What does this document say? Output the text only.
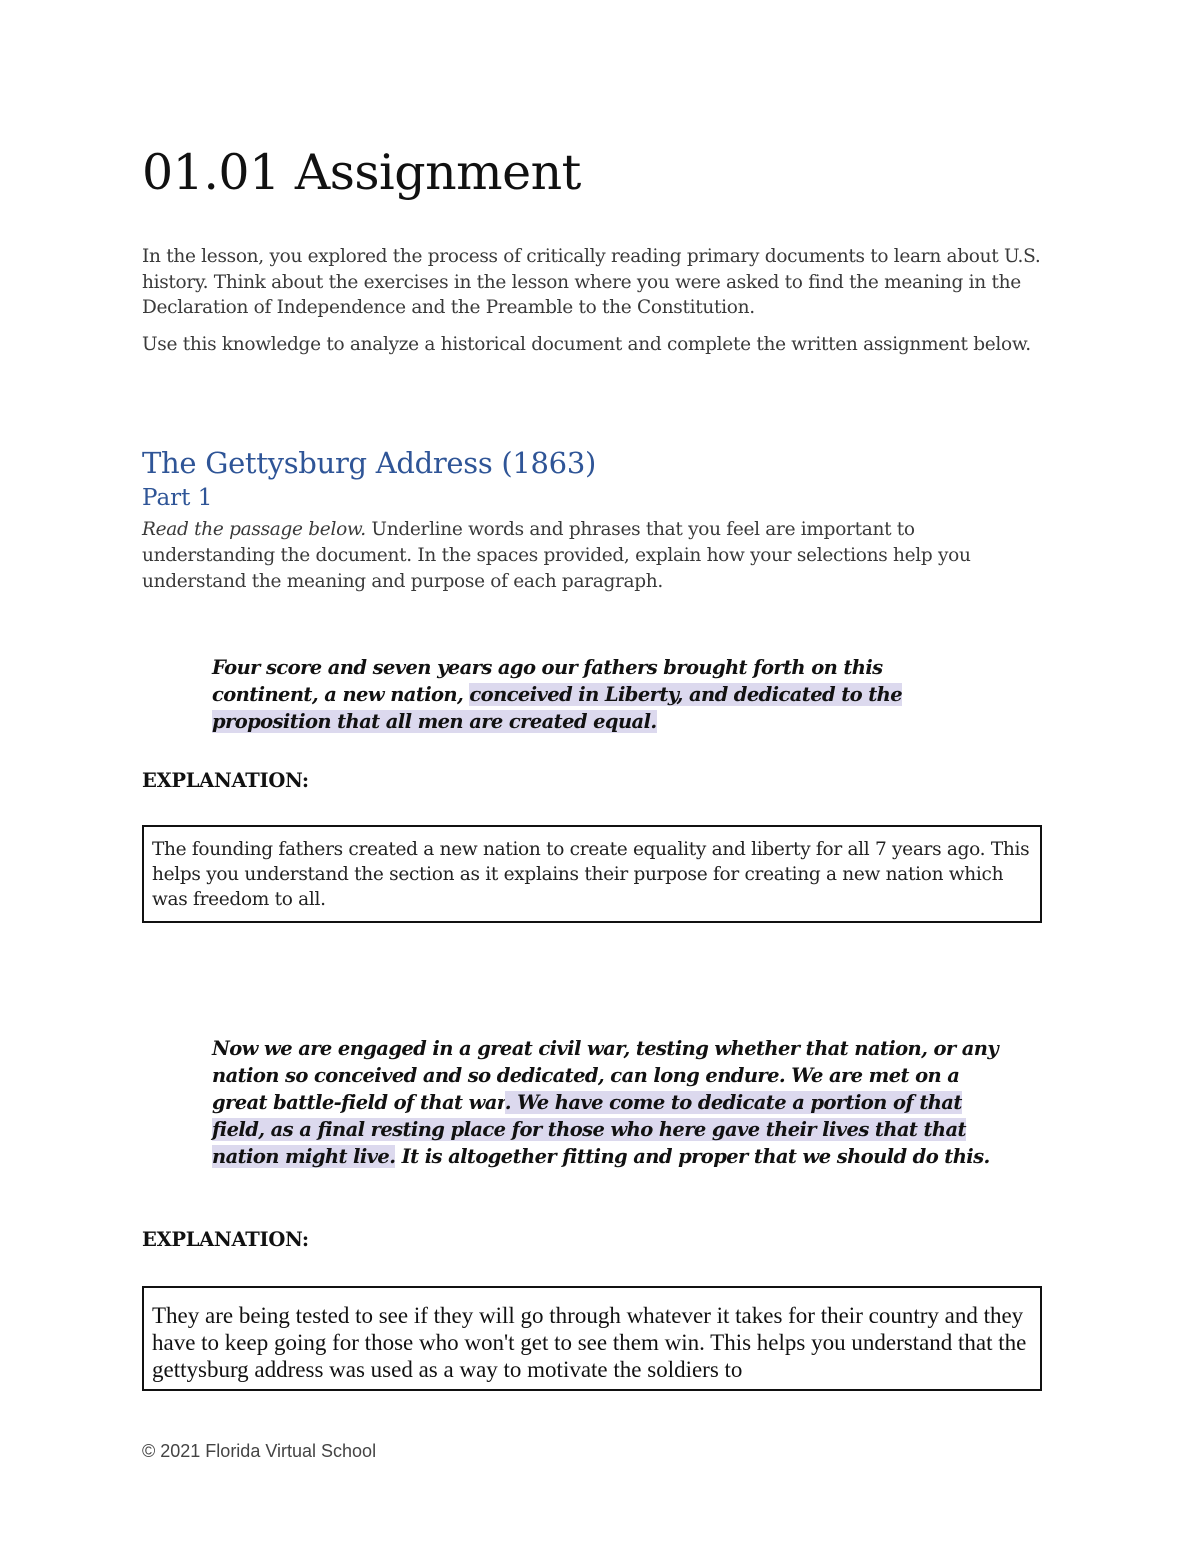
01.01 Assignment

In the lesson, you explored the process of critically reading primary documents to learn about U.S. history. Think about the exercises in the lesson where you were asked to find the meaning in the Declaration of Independence and the Preamble to the Constitution.

Use this knowledge to analyze a historical document and complete the written assignment below.

The Gettysburg Address (1863)
Part 1

Read the passage below. Underline words and phrases that you feel are important to understanding the document. In the spaces provided, explain how your selections help you understand the meaning and purpose of each paragraph.

Four score and seven years ago our fathers brought forth on this continent, a new nation, conceived in Liberty, and dedicated to the proposition that all men are created equal.

EXPLANATION:

The founding fathers created a new nation to create equality and liberty for all 7 years ago. This helps you understand the section as it explains their purpose for creating a new nation which was freedom to all.

Now we are engaged in a great civil war, testing whether that nation, or any nation so conceived and so dedicated, can long endure. We are met on a great battle-field of that war. We have come to dedicate a portion of that field, as a final resting place for those who here gave their lives that that nation might live. It is altogether fitting and proper that we should do this.

EXPLANATION:

They are being tested to see if they will go through whatever it takes for their country and they have to keep going for those who won't get to see them win. This helps you understand that the gettysburg address was used as a way to motivate the soldiers to

© 2021 Florida Virtual School
